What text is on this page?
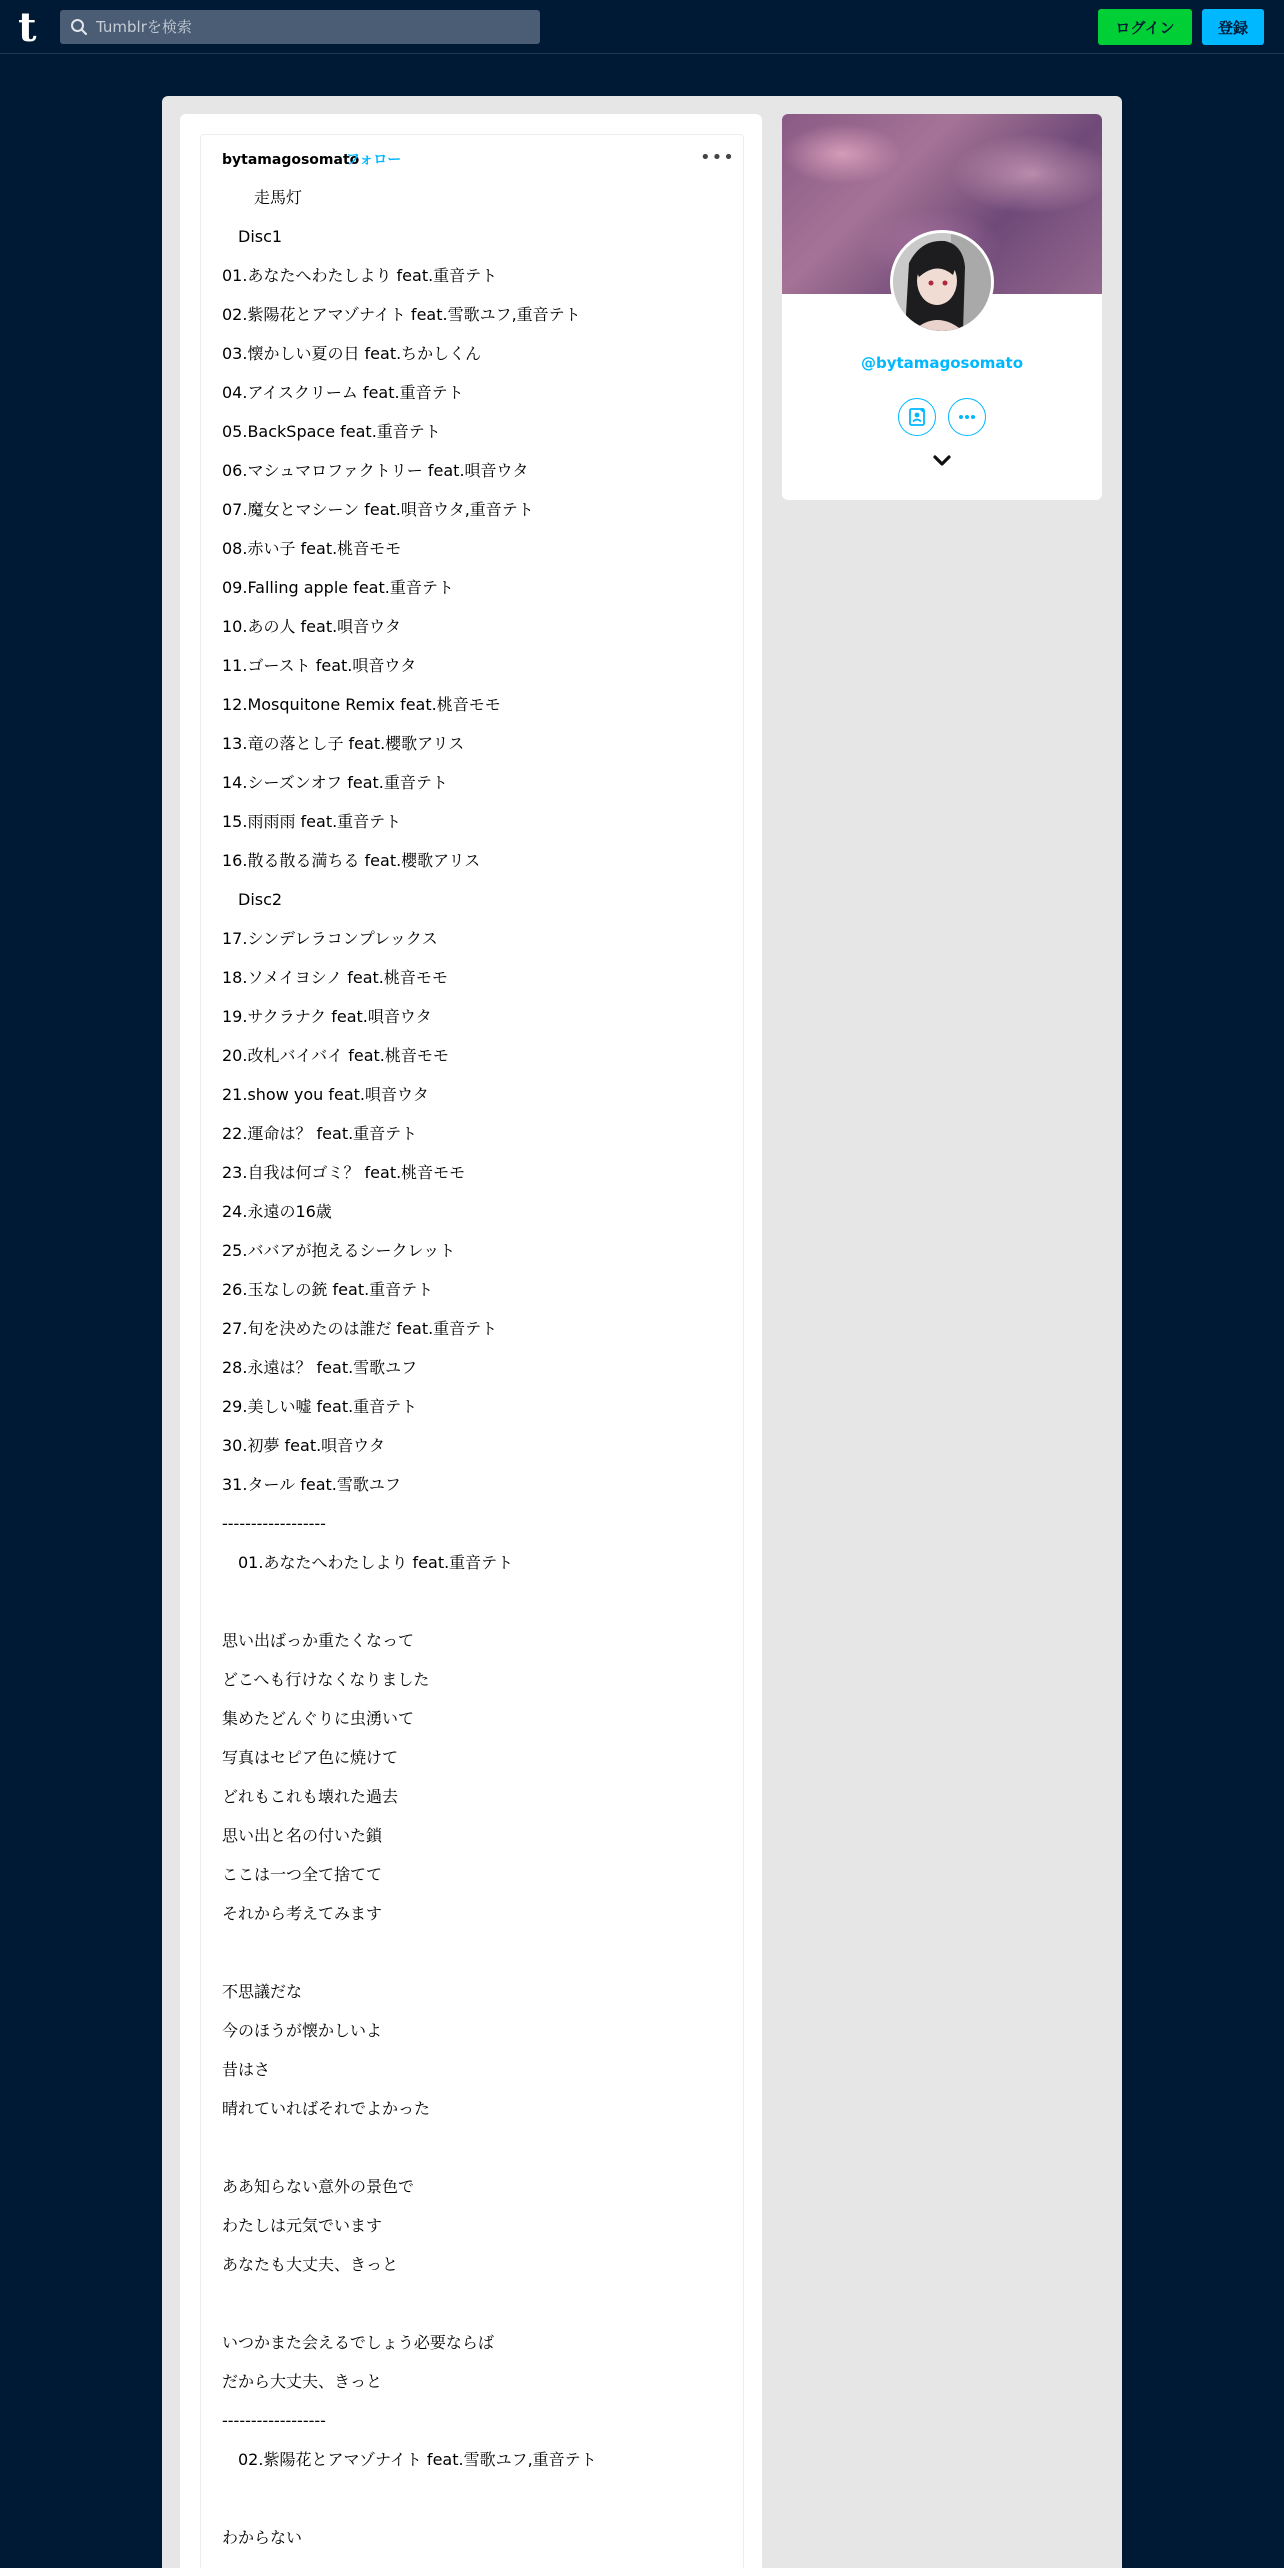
t
Tumblrを検索	ログイン	登録
bytamagosomato
フォロー	•••
走馬灯
Disc1
01.あなたへわたしより feat.重音テト
02.紫陽花とアマゾナイト feat.雪歌ユフ,重音テト
03.懐かしい夏の日 feat.ちかしくん
04.アイスクリーム feat.重音テト
05.BackSpace feat.重音テト
06.マシュマロファクトリー feat.唄音ウタ
07.魔女とマシーン feat.唄音ウタ,重音テト
08.赤い子 feat.桃音モモ
09.Falling apple feat.重音テト
10.あの人 feat.唄音ウタ
11.ゴースト feat.唄音ウタ
12.Mosquitone Remix feat.桃音モモ
13.竜の落とし子 feat.櫻歌アリス
14.シーズンオフ feat.重音テト
15.雨雨雨 feat.重音テト
16.散る散る満ちる feat.櫻歌アリス
Disc2
17.シンデレラコンプレックス
18.ソメイヨシノ feat.桃音モモ
19.サクラナク feat.唄音ウタ
20.改札バイバイ feat.桃音モモ
21.show you feat.唄音ウタ
22.運命は？ feat.重音テト
23.自我は何ゴミ？ feat.桃音モモ
24.永遠の16歳
25.ババアが抱えるシークレット
26.玉なしの銃 feat.重音テト
27.旬を決めたのは誰だ feat.重音テト
28.永遠は？ feat.雪歌ユフ
29.美しい嘘 feat.重音テト
30.初夢 feat.唄音ウタ
31.タール feat.雪歌ユフ
------------------
01.あなたへわたしより feat.重音テト
思い出ばっか重たくなって
どこへも行けなくなりました
集めたどんぐりに虫湧いて
写真はセピア色に焼けて
どれもこれも壊れた過去
思い出と名の付いた鎖
ここは一つ全て捨てて
それから考えてみます
不思議だな
今のほうが懐かしいよ
昔はさ
晴れていればそれでよかった
ああ知らない意外の景色で
わたしは元気でいます
あなたも大丈夫、きっと
いつかまた会えるでしょう必要ならば
だから大丈夫、きっと
------------------
02.紫陽花とアマゾナイト feat.雪歌ユフ,重音テト
わからない
@bytamagosomato
